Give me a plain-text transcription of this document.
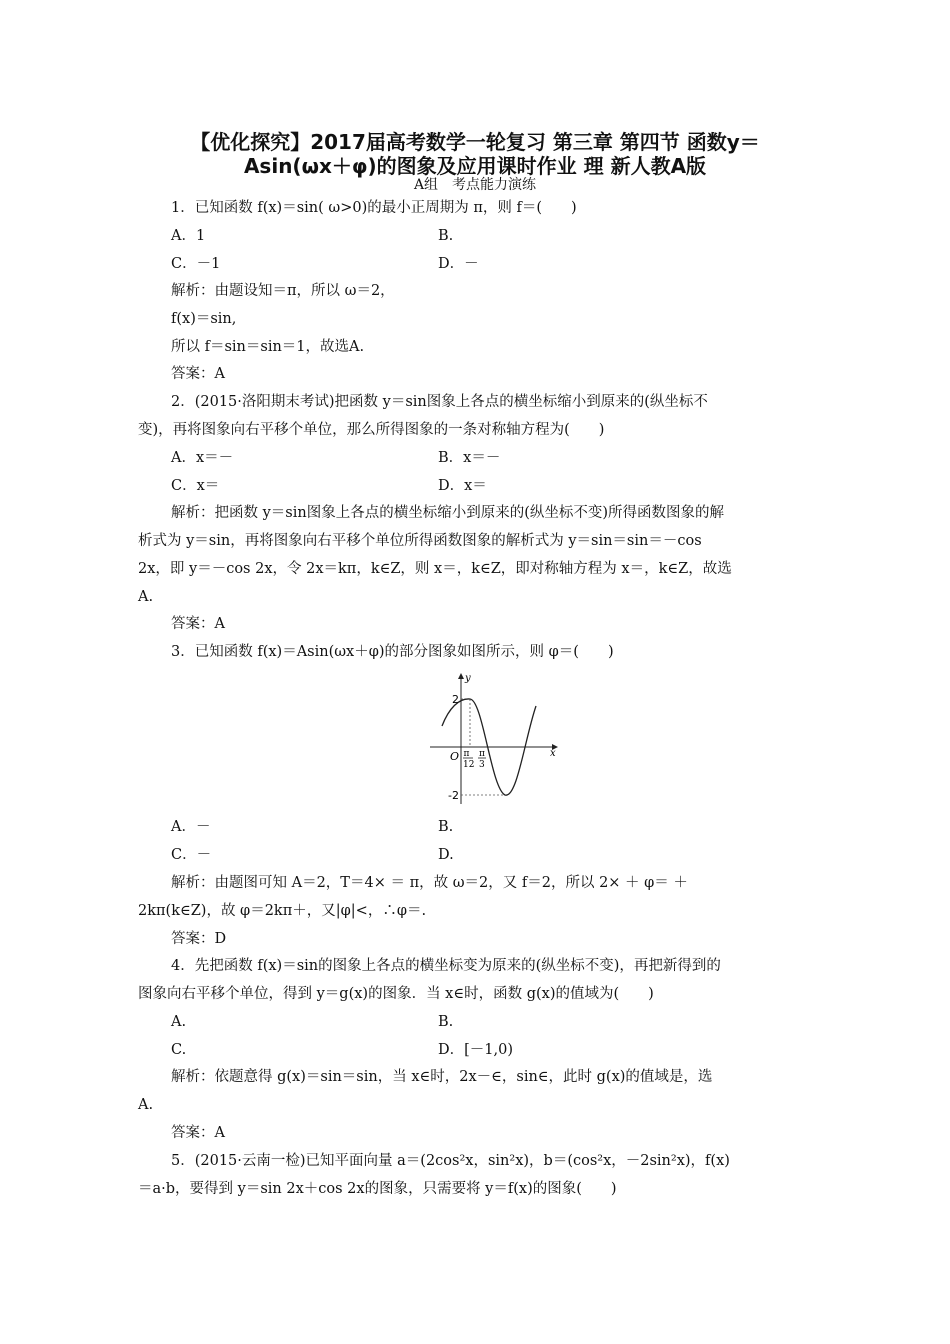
【优化探究】2017届高考数学一轮复习 第三章 第四节 函数y＝
Asin(ωx＋φ)的图象及应用课时作业 理 新人教A版
A组　考点能力演练
1．已知函数 f(x)＝sin( ω>0)的最小正周期为 π，则 f＝(　　)
A．1	B.
C．－1	D．－
解析：由题设知＝π，所以 ω＝2，
f(x)＝sin,
所以 f＝sin＝sin＝1，故选A.
答案：A
2．(2015·洛阳期末考试)把函数 y＝sin图象上各点的横坐标缩小到原来的(纵坐标不
变)，再将图象向右平移个单位，那么所得图象的一条对称轴方程为(　　)
A．x＝－	B．x＝－
C．x＝	D．x＝
解析：把函数 y＝sin图象上各点的横坐标缩小到原来的(纵坐标不变)所得函数图象的解
析式为 y＝sin，再将图象向右平移个单位所得函数图象的解析式为 y＝sin＝sin＝－cos
2x，即 y＝－cos 2x，令 2x＝kπ，k∈Z，则 x＝，k∈Z，即对称轴方程为 x＝，k∈Z，故选
A.
答案：A
3．已知函数 f(x)＝Asin(ωx＋φ)的部分图象如图所示，则 φ＝(　　)
y
x
2
-2
O π
12
π
3
A．－	B.
C．－	D.
解析：由题图可知 A＝2，T＝4× ＝ π，故 ω＝2，又 f＝2，所以 2× ＋ φ＝ ＋
2kπ(k∈Z)，故 φ＝2kπ＋，又|φ|<，∴φ＝.
答案：D
4．先把函数 f(x)＝sin的图象上各点的横坐标变为原来的(纵坐标不变)，再把新得到的
图象向右平移个单位，得到 y＝g(x)的图象．当 x∈时，函数 g(x)的值域为(　　)
A.	B.
C.	D．[－1,0)
解析：依题意得 g(x)＝sin＝sin，当 x∈时，2x－∈，sin∈，此时 g(x)的值域是，选
A.
答案：A
5．(2015·云南一检)已知平面向量 a＝(2cos²x，sin²x)，b＝(cos²x，－2sin²x)，f(x)
＝a·b，要得到 y＝sin 2x＋cos 2x的图象，只需要将 y＝f(x)的图象(　　)
